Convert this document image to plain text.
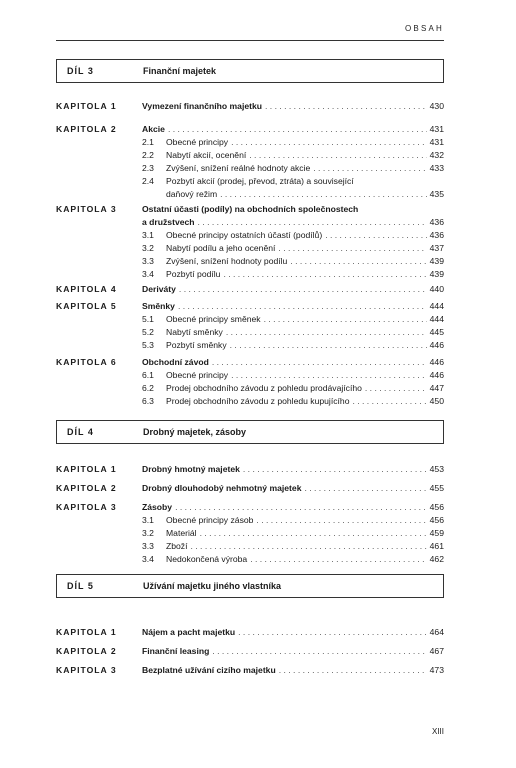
OBSAH
DÍL 3	Finanční majetek
KAPITOLA 1	Vymezení finančního majetku . . .	430
KAPITOLA 2	Akcie . . .	431
2.1	Obecné principy . . .	431
2.2	Nabytí akcií, ocenění . . .	432
2.3	Zvýšení, snížení reálné hodnoty akcie . . .	433
2.4	Pozbytí akcií (prodej, převod, ztráta) a související
daňový režim . . .	435
KAPITOLA 3	Ostatní účasti (podíly) na obchodních společnostech
a družstvech . . .	436
3.1	Obecné principy ostatních účastí (podílů) . . .	436
3.2	Nabytí podílu a jeho ocenění . . .	437
3.3	Zvýšení, snížení hodnoty podílu . . .	439
3.4	Pozbytí podílu . . .	439
KAPITOLA 4	Deriváty . . .	440
KAPITOLA 5	Směnky . . .	444
5.1	Obecné principy směnek . . .	444
5.2	Nabytí směnky . . .	445
5.3	Pozbytí směnky . . .	446
KAPITOLA 6	Obchodní závod . . .	446
6.1	Obecné principy . . .	446
6.2	Prodej obchodního závodu z pohledu prodávajícího . . .	447
6.3	Prodej obchodního závodu z pohledu kupujícího . . .	450
DÍL 4	Drobný majetek, zásoby
KAPITOLA 1	Drobný hmotný majetek . . .	453
KAPITOLA 2	Drobný dlouhodobý nehmotný majetek . . .	455
KAPITOLA 3	Zásoby . . .	456
3.1	Obecné principy zásob . . .	456
3.2	Materiál . . .	459
3.3	Zboží . . .	461
3.4	Nedokončená výroba . . .	462
DÍL 5	Užívání majetku jiného vlastníka
KAPITOLA 1	Nájem a pacht majetku . . .	464
KAPITOLA 2	Finanční leasing . . .	467
KAPITOLA 3	Bezplatné užívání cizího majetku . . .	473
XIII
